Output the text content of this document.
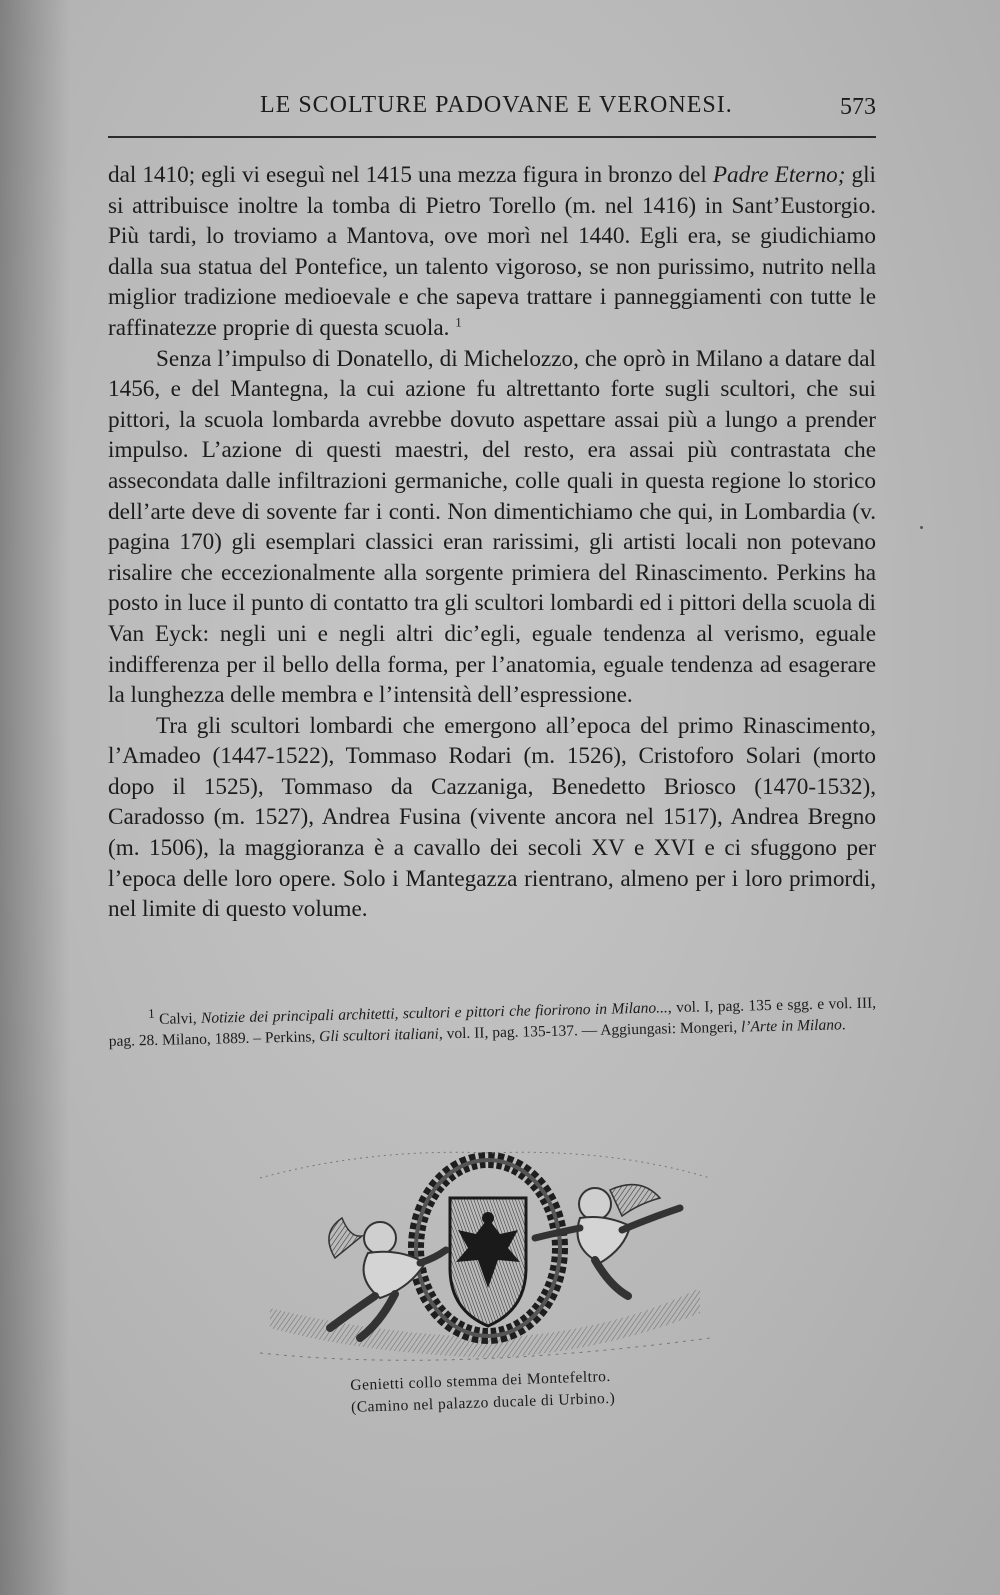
LE SCOLTURE PADOVANE E VERONESI.	573

dal 1410; egli vi eseguì nel 1415 una mezza figura in bronzo del Padre Eterno; gli si attribuisce inoltre la tomba di Pietro Torello (m. nel 1416) in Sant’Eustorgio. Più tardi, lo troviamo a Mantova, ove morì nel 1440. Egli era, se giudichiamo dalla sua statua del Pontefice, un talento vigoroso, se non purissimo, nutrito nella miglior tradizione medioevale e che sapeva trattare i panneggiamenti con tutte le raffinatezze proprie di questa scuola. $^1$

Senza l’impulso di Donatello, di Michelozzo, che oprò in Milano a datare dal 1456, e del Mantegna, la cui azione fu altrettanto forte sugli scultori, che sui pittori, la scuola lombarda avrebbe dovuto aspettare assai più a lungo a prender impulso. L’azione di questi maestri, del resto, era assai più contrastata che assecondata dalle infiltrazioni germaniche, colle quali in questa regione lo storico dell’arte deve di sovente far i conti. Non dimentichiamo che qui, in Lombardia (v. pagina 170) gli esemplari classici eran rarissimi, gli artisti locali non potevano risalire che eccezionalmente alla sorgente primiera del Rinascimento. Perkins ha posto in luce il punto di contatto tra gli scultori lombardi ed i pittori della scuola di Van Eyck: negli uni e negli altri dic’egli, eguale tendenza al verismo, eguale indifferenza per il bello della forma, per l’anatomia, eguale tendenza ad esagerare la lunghezza delle membra e l’intensità dell’espressione.

Tra gli scultori lombardi che emergono all’epoca del primo Rinascimento, l’Amadeo (1447-1522), Tommaso Rodari (m. 1526), Cristoforo Solari (morto dopo il 1525), Tommaso da Cazzaniga, Benedetto Briosco (1470-1532), Caradosso (m. 1527), Andrea Fusina (vivente ancora nel 1517), Andrea Bregno (m. 1506), la maggioranza è a cavallo dei secoli XV e XVI e ci sfuggono per l’epoca delle loro opere. Solo i Mantegazza rientrano, almeno per i loro primordi, nel limite di questo volume.

$^1$ Calvi, Notizie dei principali architetti, scultori e pittori che fiorirono in Milano..., vol. I, pag. 135 e sgg. e vol. III, pag. 28. Milano, 1889. – Perkins, Gli scultori italiani, vol. II, pag. 135-137. — Aggiungasi: Mongeri, l’Arte in Milano.

Genietti collo stemma dei Montefeltro.
(Camino nel palazzo ducale di Urbino.)
